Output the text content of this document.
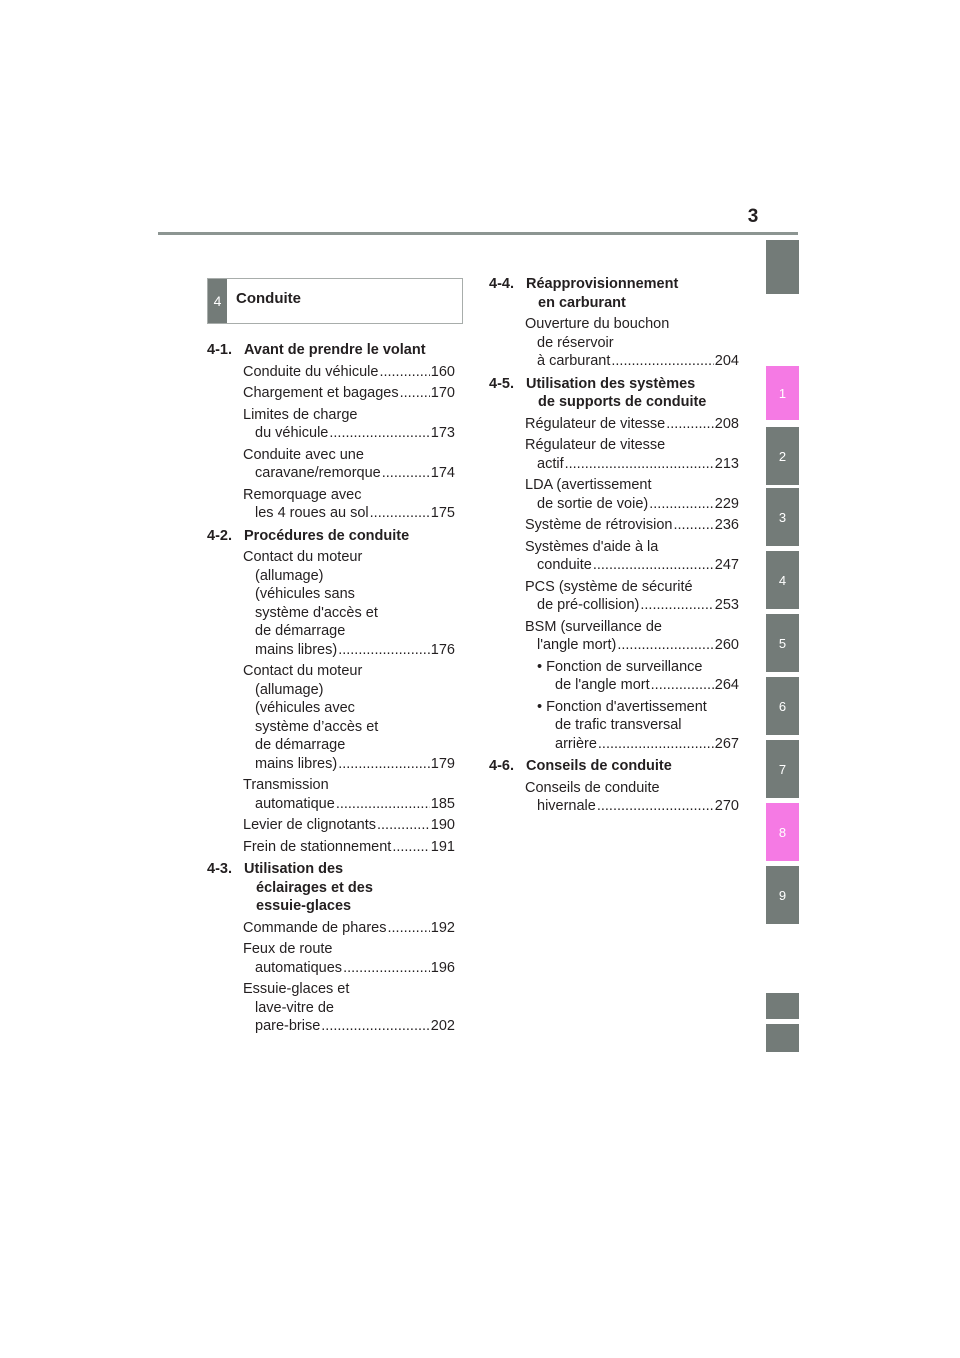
3
1
2
3
4
5
6
7
8
9
4 Conduite
4-1. Avant de prendre le volant
Conduite du véhicule .....	160
Chargement et bagages ..... 170
Limites de charge
du véhicule .....	173
Conduite avec une
caravane/remorque .....	174
Remorquage avec
les 4 roues au sol .....	175
4-2. Procédures de conduite
Contact du moteur
(allumage)
(véhicules sans
système d'accès et
de démarrage
mains libres) .....	176
Contact du moteur
(allumage)
(véhicules avec
système d’accès et
de démarrage
mains libres) .....	179
Transmission
automatique .....	185
Levier de clignotants .....	190
Frein de stationnement .....	191
4-3. Utilisation des
éclairages et des
essuie-glaces
Commande de phares .....	192
Feux de route
automatiques .....	196
Essuie-glaces et
lave-vitre de
pare-brise .....	202
4-4. Réapprovisionnement
en carburant
Ouverture du bouchon
de réservoir
à carburant .....	204
4-5. Utilisation des systèmes
de supports de conduite
Régulateur de vitesse .....	208
Régulateur de vitesse
actif .....	213
LDA (avertissement
de sortie de voie) .....	229
Système de rétrovision .....	236
Systèmes d'aide à la
conduite .....	247
PCS (système de sécurité
de pré-collision) .....	253
BSM (surveillance de
l'angle mort) .....	260
• Fonction de surveillance
de l'angle mort .....	264
• Fonction d'avertissement
de trafic transversal
arrière .....	267
4-6. Conseils de conduite
Conseils de conduite
hivernale .....	270
